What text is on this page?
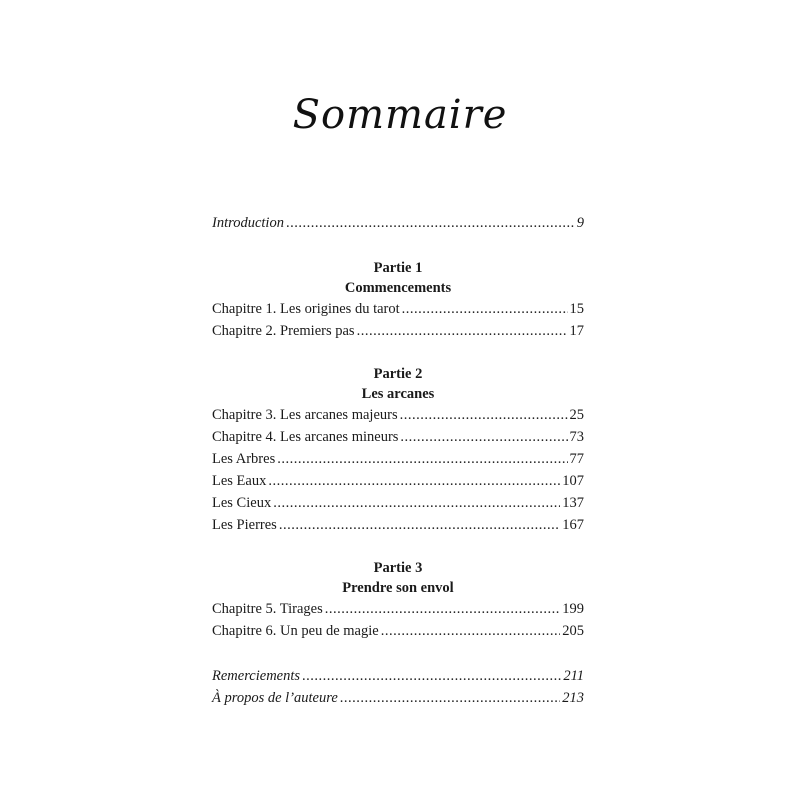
Sommaire
Introduction .....	9
Partie 1
Commencements
Chapitre 1. Les origines du tarot .....	15
Chapitre 2. Premiers pas .....	17
Partie 2
Les arcanes
Chapitre 3. Les arcanes majeurs .....	25
Chapitre 4. Les arcanes mineurs .....	73
Les Arbres .....	77
Les Eaux .....	107
Les Cieux .....	137
Les Pierres .....	167
Partie 3
Prendre son envol
Chapitre 5. Tirages .....	199
Chapitre 6. Un peu de magie .....	205
Remerciements .....	211
À propos de l’auteure .....	213
